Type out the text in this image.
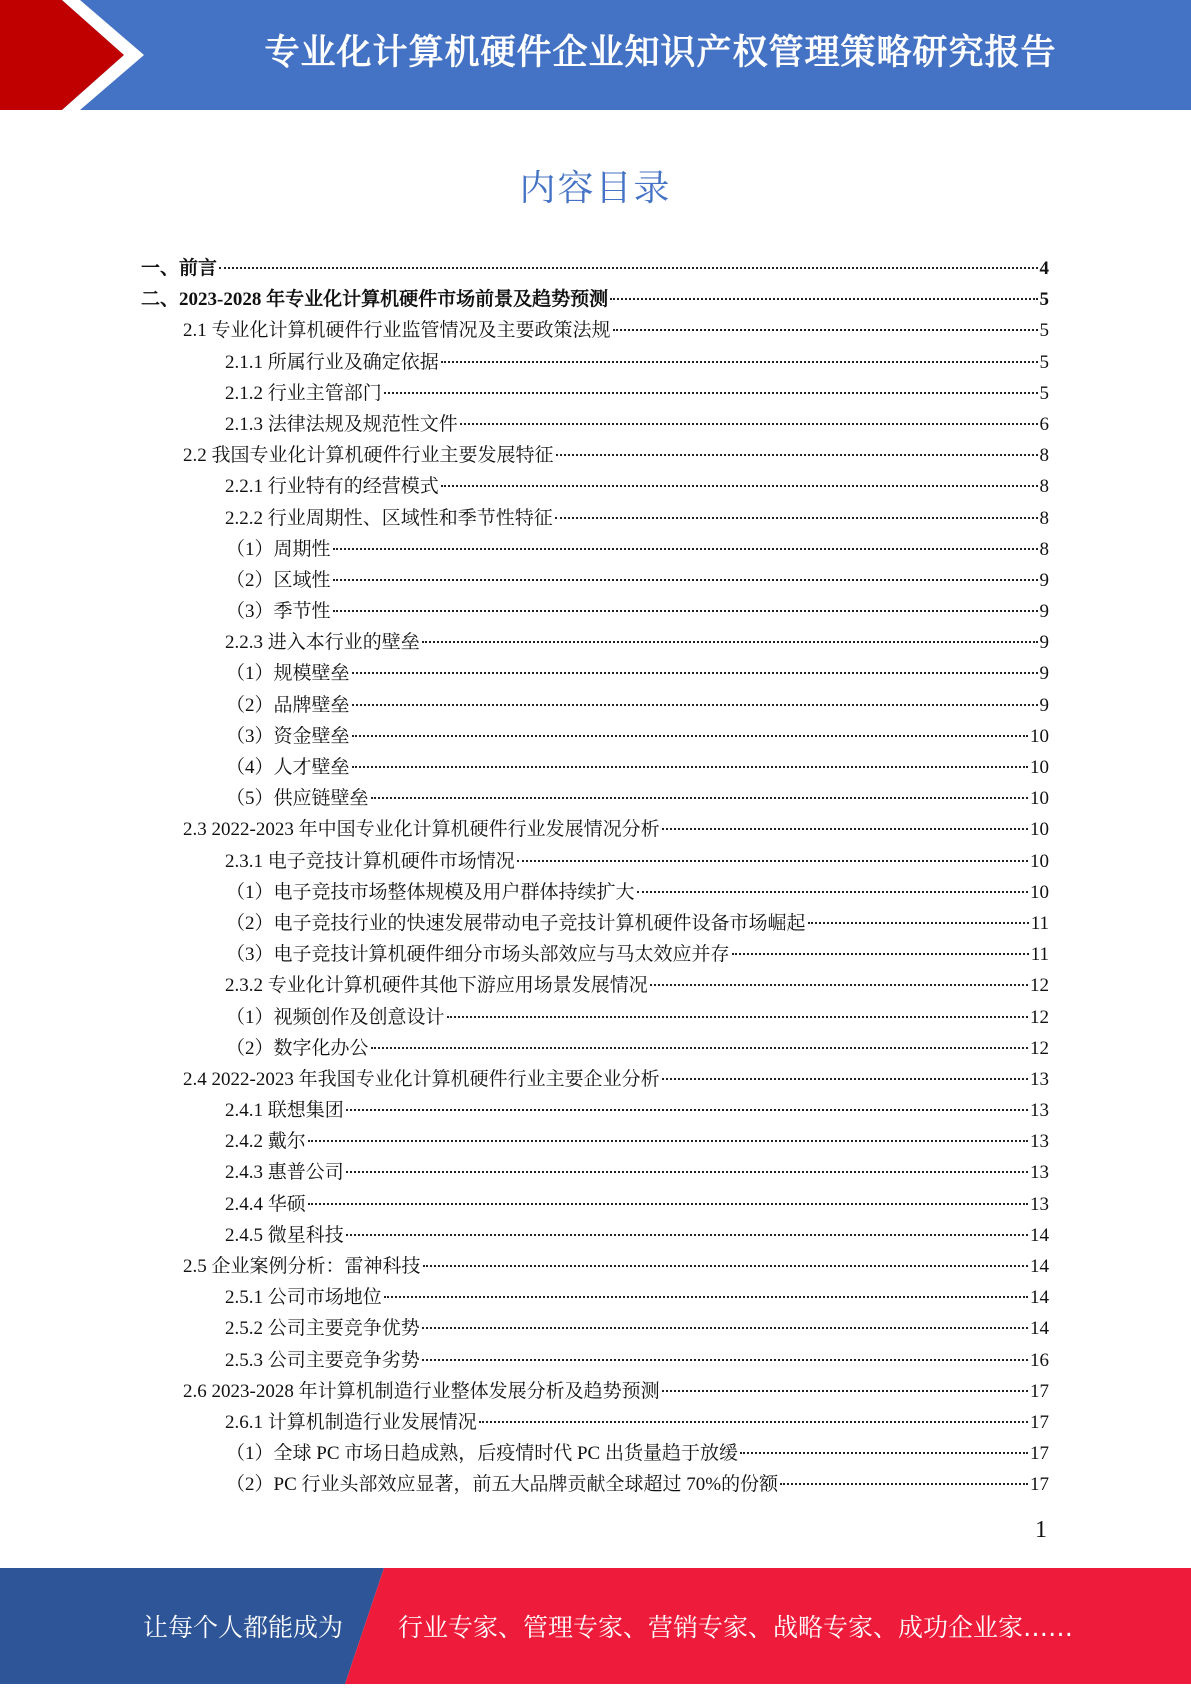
专业化计算机硬件企业知识产权管理策略研究报告
内容目录
一、前言	4
二、2023-2028 年专业化计算机硬件市场前景及趋势预测	5
2.1 专业化计算机硬件行业监管情况及主要政策法规	5
2.1.1 所属行业及确定依据	5
2.1.2 行业主管部门	5
2.1.3 法律法规及规范性文件	6
2.2 我国专业化计算机硬件行业主要发展特征	8
2.2.1 行业特有的经营模式	8
2.2.2 行业周期性、区域性和季节性特征	8
（1）周期性	8
（2）区域性	9
（3）季节性	9
2.2.3 进入本行业的壁垒	9
（1）规模壁垒	9
（2）品牌壁垒	9
（3）资金壁垒	10
（4）人才壁垒	10
（5）供应链壁垒	10
2.3 2022-2023 年中国专业化计算机硬件行业发展情况分析	10
2.3.1 电子竞技计算机硬件市场情况	10
（1）电子竞技市场整体规模及用户群体持续扩大	10
（2）电子竞技行业的快速发展带动电子竞技计算机硬件设备市场崛起	11
（3）电子竞技计算机硬件细分市场头部效应与马太效应并存	11
2.3.2 专业化计算机硬件其他下游应用场景发展情况	12
（1）视频创作及创意设计	12
（2）数字化办公	12
2.4 2022-2023 年我国专业化计算机硬件行业主要企业分析	13
2.4.1 联想集团	13
2.4.2 戴尔	13
2.4.3 惠普公司	13
2.4.4 华硕	13
2.4.5 微星科技	14
2.5 企业案例分析：雷神科技	14
2.5.1 公司市场地位	14
2.5.2 公司主要竞争优势	14
2.5.3 公司主要竞争劣势	16
2.6 2023-2028 年计算机制造行业整体发展分析及趋势预测	17
2.6.1 计算机制造行业发展情况	17
（1）全球 PC 市场日趋成熟，后疫情时代 PC 出货量趋于放缓	17
（2）PC 行业头部效应显著，前五大品牌贡献全球超过 70%的份额	17
1
让每个人都能成为 行业专家、管理专家、营销专家、战略专家、成功企业家……
